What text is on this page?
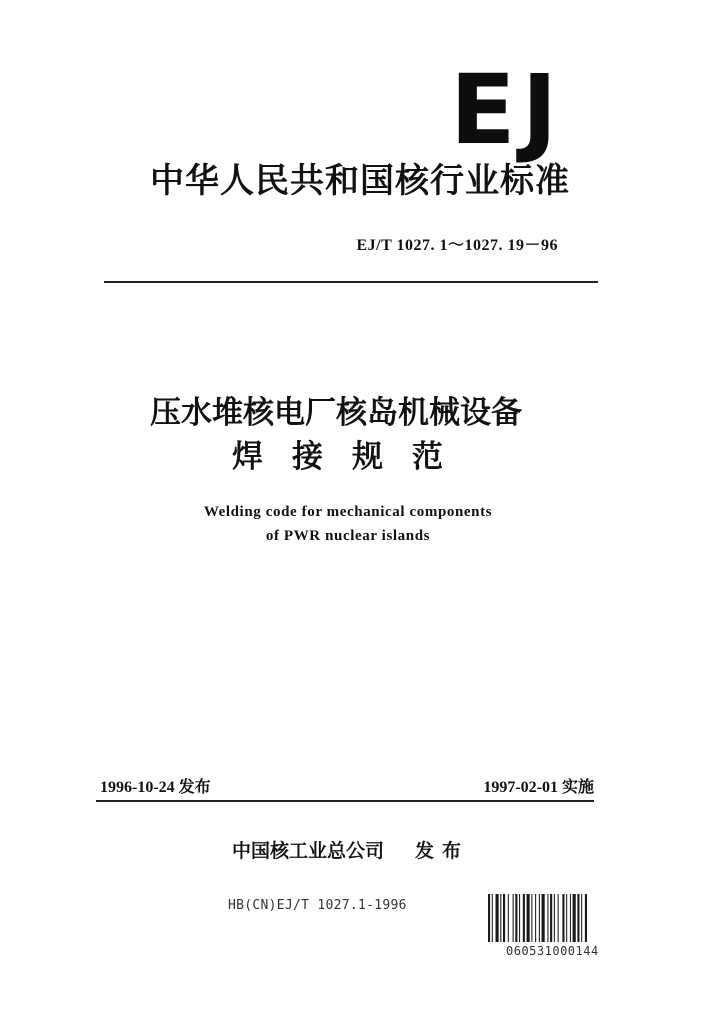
EJ
中华人民共和国核行业标准
EJ/T 1027. 1～1027. 19－96
压水堆核电厂核岛机械设备
焊接规范
Welding code for mechanical components
of PWR nuclear islands
1996-10-24 发布	1997-02-01 实施
中国核工业总公司 发布
HB(CN)EJ/T 1027.1-1996
060531000144
